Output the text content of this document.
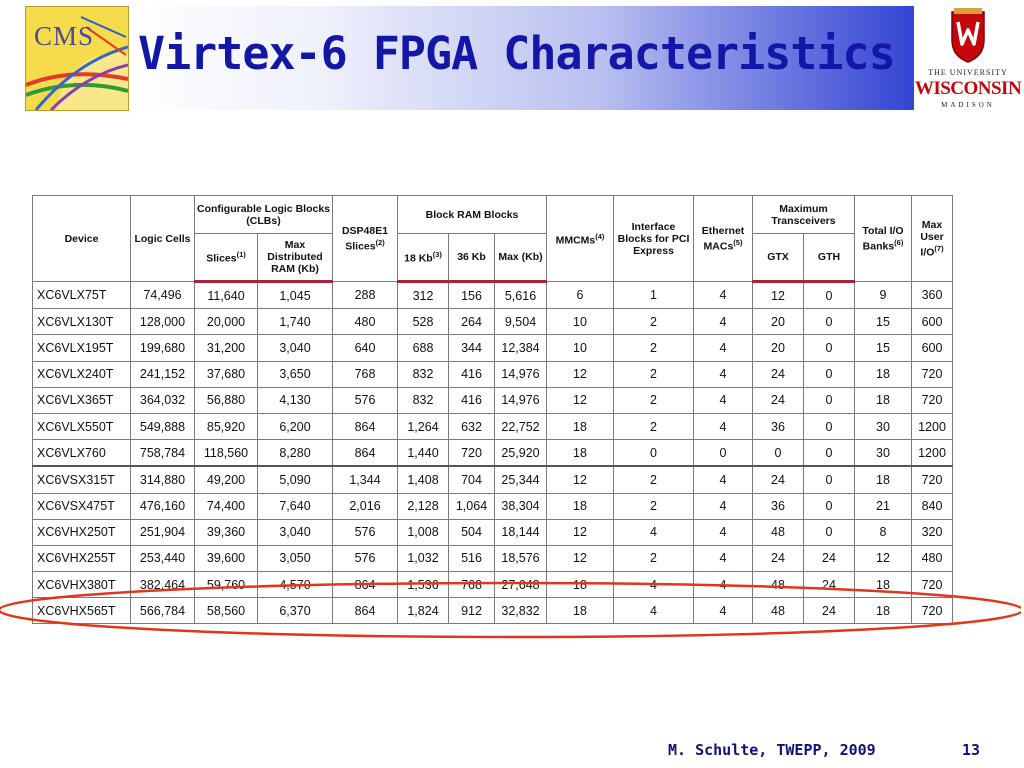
CMS Virtex-6 FPGA Characteristics	THE UNIVERSITY
WISCONSIN
MADISON
Device	Logic Cells	Configurable Logic Blocks (CLBs)		DSP48E1 Slices$^{(2)}$	Block RAM Blocks			MMCMs$^{(4)}$	Interface Blocks for PCI Express	Ethernet MACs$^{(5)}$	Maximum Transceivers		Total I/O Banks$^{(6)}$	Max User I/O$^{(7)}$
		Slices$^{(1)}$	Max Distributed RAM (Kb)		18 Kb$^{(3)}$	36 Kb	Max (Kb)				GTX	GTH		
XC6VLX75T	74,496	11,640	1,045	288	312	156	5,616	6	1	4	12	0	9	360
XC6VLX130T	128,000	20,000	1,740	480	528	264	9,504	10	2	4	20	0	15	600
XC6VLX195T	199,680	31,200	3,040	640	688	344	12,384	10	2	4	20	0	15	600
XC6VLX240T	241,152	37,680	3,650	768	832	416	14,976	12	2	4	24	0	18	720
XC6VLX365T	364,032	56,880	4,130	576	832	416	14,976	12	2	4	24	0	18	720
XC6VLX550T	549,888	85,920	6,200	864	1,264	632	22,752	18	2	4	36	0	30	1200
XC6VLX760	758,784	118,560	8,280	864	1,440	720	25,920	18	0	0	0	0	30	1200
XC6VSX315T	314,880	49,200	5,090	1,344	1,408	704	25,344	12	2	4	24	0	18	720
XC6VSX475T	476,160	74,400	7,640	2,016	2,128	1,064	38,304	18	2	4	36	0	21	840
XC6VHX250T	251,904	39,360	3,040	576	1,008	504	18,144	12	4	4	48	0	8	320
XC6VHX255T	253,440	39,600	3,050	576	1,032	516	18,576	12	2	4	24	24	12	480
XC6VHX380T	382,464	59,760	4,570	864	1,536	768	27,648	18	4	4	48	24	18	720
XC6VHX565T	566,784	58,560	6,370	864	1,824	912	32,832	18	4	4	48	24	18	720
M. Schulte, TWEPP, 2009	13
